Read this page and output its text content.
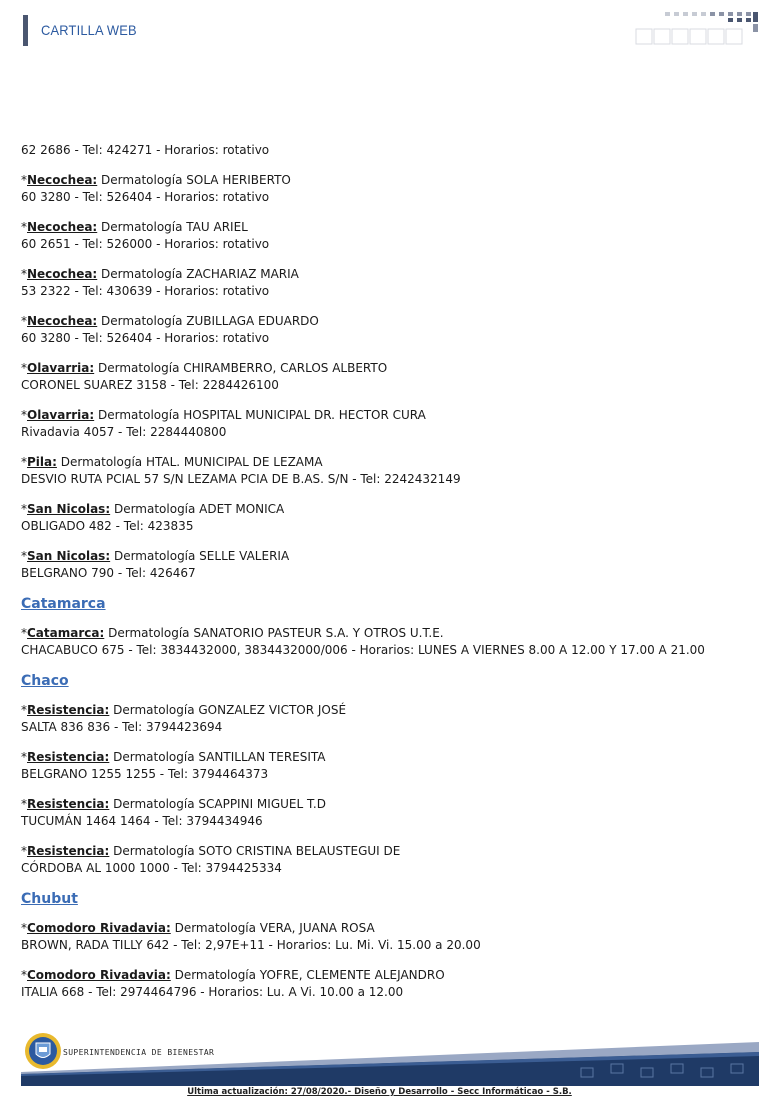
CARTILLA WEB
62 2686 - Tel: 424271 - Horarios: rotativo
*Necochea: Dermatología SOLA HERIBERTO
60 3280 - Tel: 526404 - Horarios: rotativo
*Necochea: Dermatología TAU ARIEL
60 2651 - Tel: 526000 - Horarios: rotativo
*Necochea: Dermatología ZACHARIAZ MARIA
53 2322 - Tel: 430639 - Horarios: rotativo
*Necochea: Dermatología ZUBILLAGA EDUARDO
60 3280 - Tel: 526404 - Horarios: rotativo
*Olavarria: Dermatología CHIRAMBERRO, CARLOS ALBERTO
CORONEL SUAREZ 3158 - Tel: 2284426100
*Olavarria: Dermatología HOSPITAL MUNICIPAL DR. HECTOR CURA
Rivadavia 4057 - Tel: 2284440800
*Pila: Dermatología HTAL. MUNICIPAL DE LEZAMA
DESVIO RUTA PCIAL 57 S/N LEZAMA PCIA DE B.AS. S/N - Tel: 2242432149
*San Nicolas: Dermatología ADET MONICA
OBLIGADO 482 - Tel: 423835
*San Nicolas: Dermatología SELLE VALERIA
BELGRANO 790 - Tel: 426467
Catamarca
*Catamarca: Dermatología SANATORIO PASTEUR S.A. Y OTROS U.T.E.
CHACABUCO 675 - Tel: 3834432000, 3834432000/006 - Horarios: LUNES A VIERNES 8.00 A 12.00 Y 17.00 A 21.00
Chaco
*Resistencia: Dermatología GONZALEZ VICTOR JOSÉ
SALTA 836 836 - Tel: 3794423694
*Resistencia: Dermatología SANTILLAN TERESITA
BELGRANO 1255 1255 - Tel: 3794464373
*Resistencia: Dermatología SCAPPINI MIGUEL T.D
TUCUMÁN 1464 1464 - Tel: 3794434946
*Resistencia: Dermatología SOTO CRISTINA BELAUSTEGUI DE
CÓRDOBA AL 1000 1000 - Tel: 3794425334
Chubut
*Comodoro Rivadavia: Dermatología VERA, JUANA ROSA
BROWN, RADA TILLY 642 - Tel: 2,97E+11 - Horarios: Lu. Mi. Vi. 15.00 a 20.00
*Comodoro Rivadavia: Dermatología YOFRE, CLEMENTE ALEJANDRO
ITALIA 668 - Tel: 2974464796 - Horarios: Lu. A Vi. 10.00 a 12.00
SUPERINTENDENCIA DE BIENESTAR
Ultima actualización: 27/08/2020.- Diseño y Desarrollo - Secc Informáticao - S.B.
